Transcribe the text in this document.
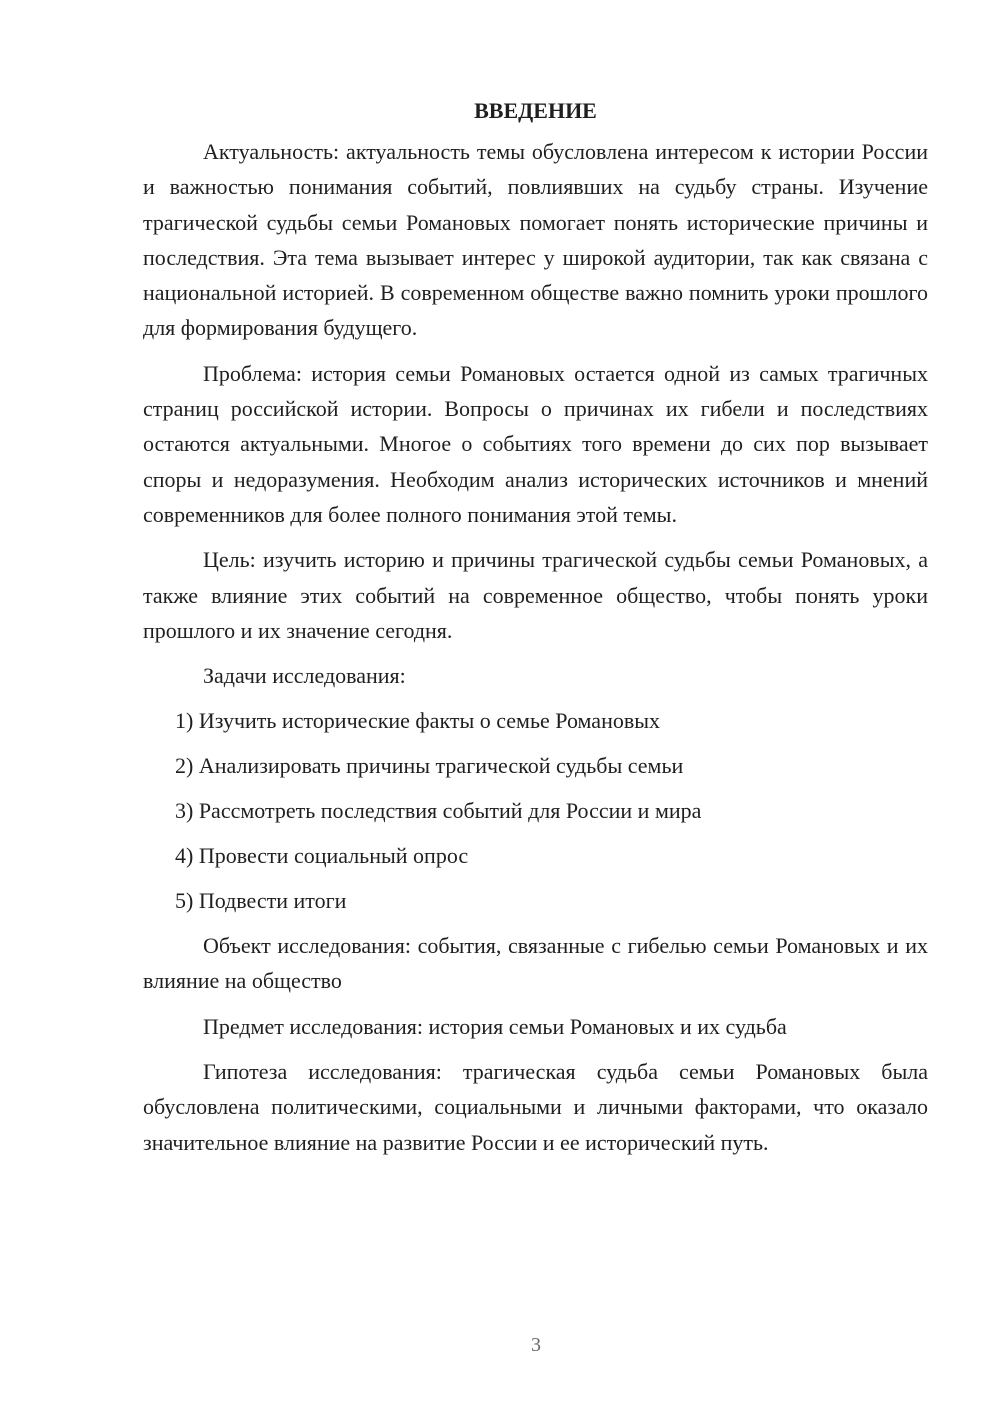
ВВЕДЕНИЕ

Актуальность: актуальность темы обусловлена интересом к истории России и важностью понимания событий, повлиявших на судьбу страны. Изучение трагической судьбы семьи Романовых помогает понять исторические причины и последствия. Эта тема вызывает интерес у широкой аудитории, так как связана с национальной историей. В современном обществе важно помнить уроки прошлого для формирования будущего.

Проблема: история семьи Романовых остается одной из самых трагичных страниц российской истории. Вопросы о причинах их гибели и последствиях остаются актуальными. Многое о событиях того времени до сих пор вызывает споры и недоразумения. Необходим анализ исторических источников и мнений современников для более полного понимания этой темы.

Цель: изучить историю и причины трагической судьбы семьи Романовых, а также влияние этих событий на современное общество, чтобы понять уроки прошлого и их значение сегодня.

Задачи исследования:
1) Изучить исторические факты о семье Романовых
2) Анализировать причины трагической судьбы семьи
3) Рассмотреть последствия событий для России и мира
4) Провести социальный опрос
5) Подвести итоги

Объект исследования: события, связанные с гибелью семьи Романовых и их влияние на общество

Предмет исследования: история семьи Романовых и их судьба

Гипотеза исследования: трагическая судьба семьи Романовых была обусловлена политическими, социальными и личными факторами, что оказало значительное влияние на развитие России и ее исторический путь.

3
